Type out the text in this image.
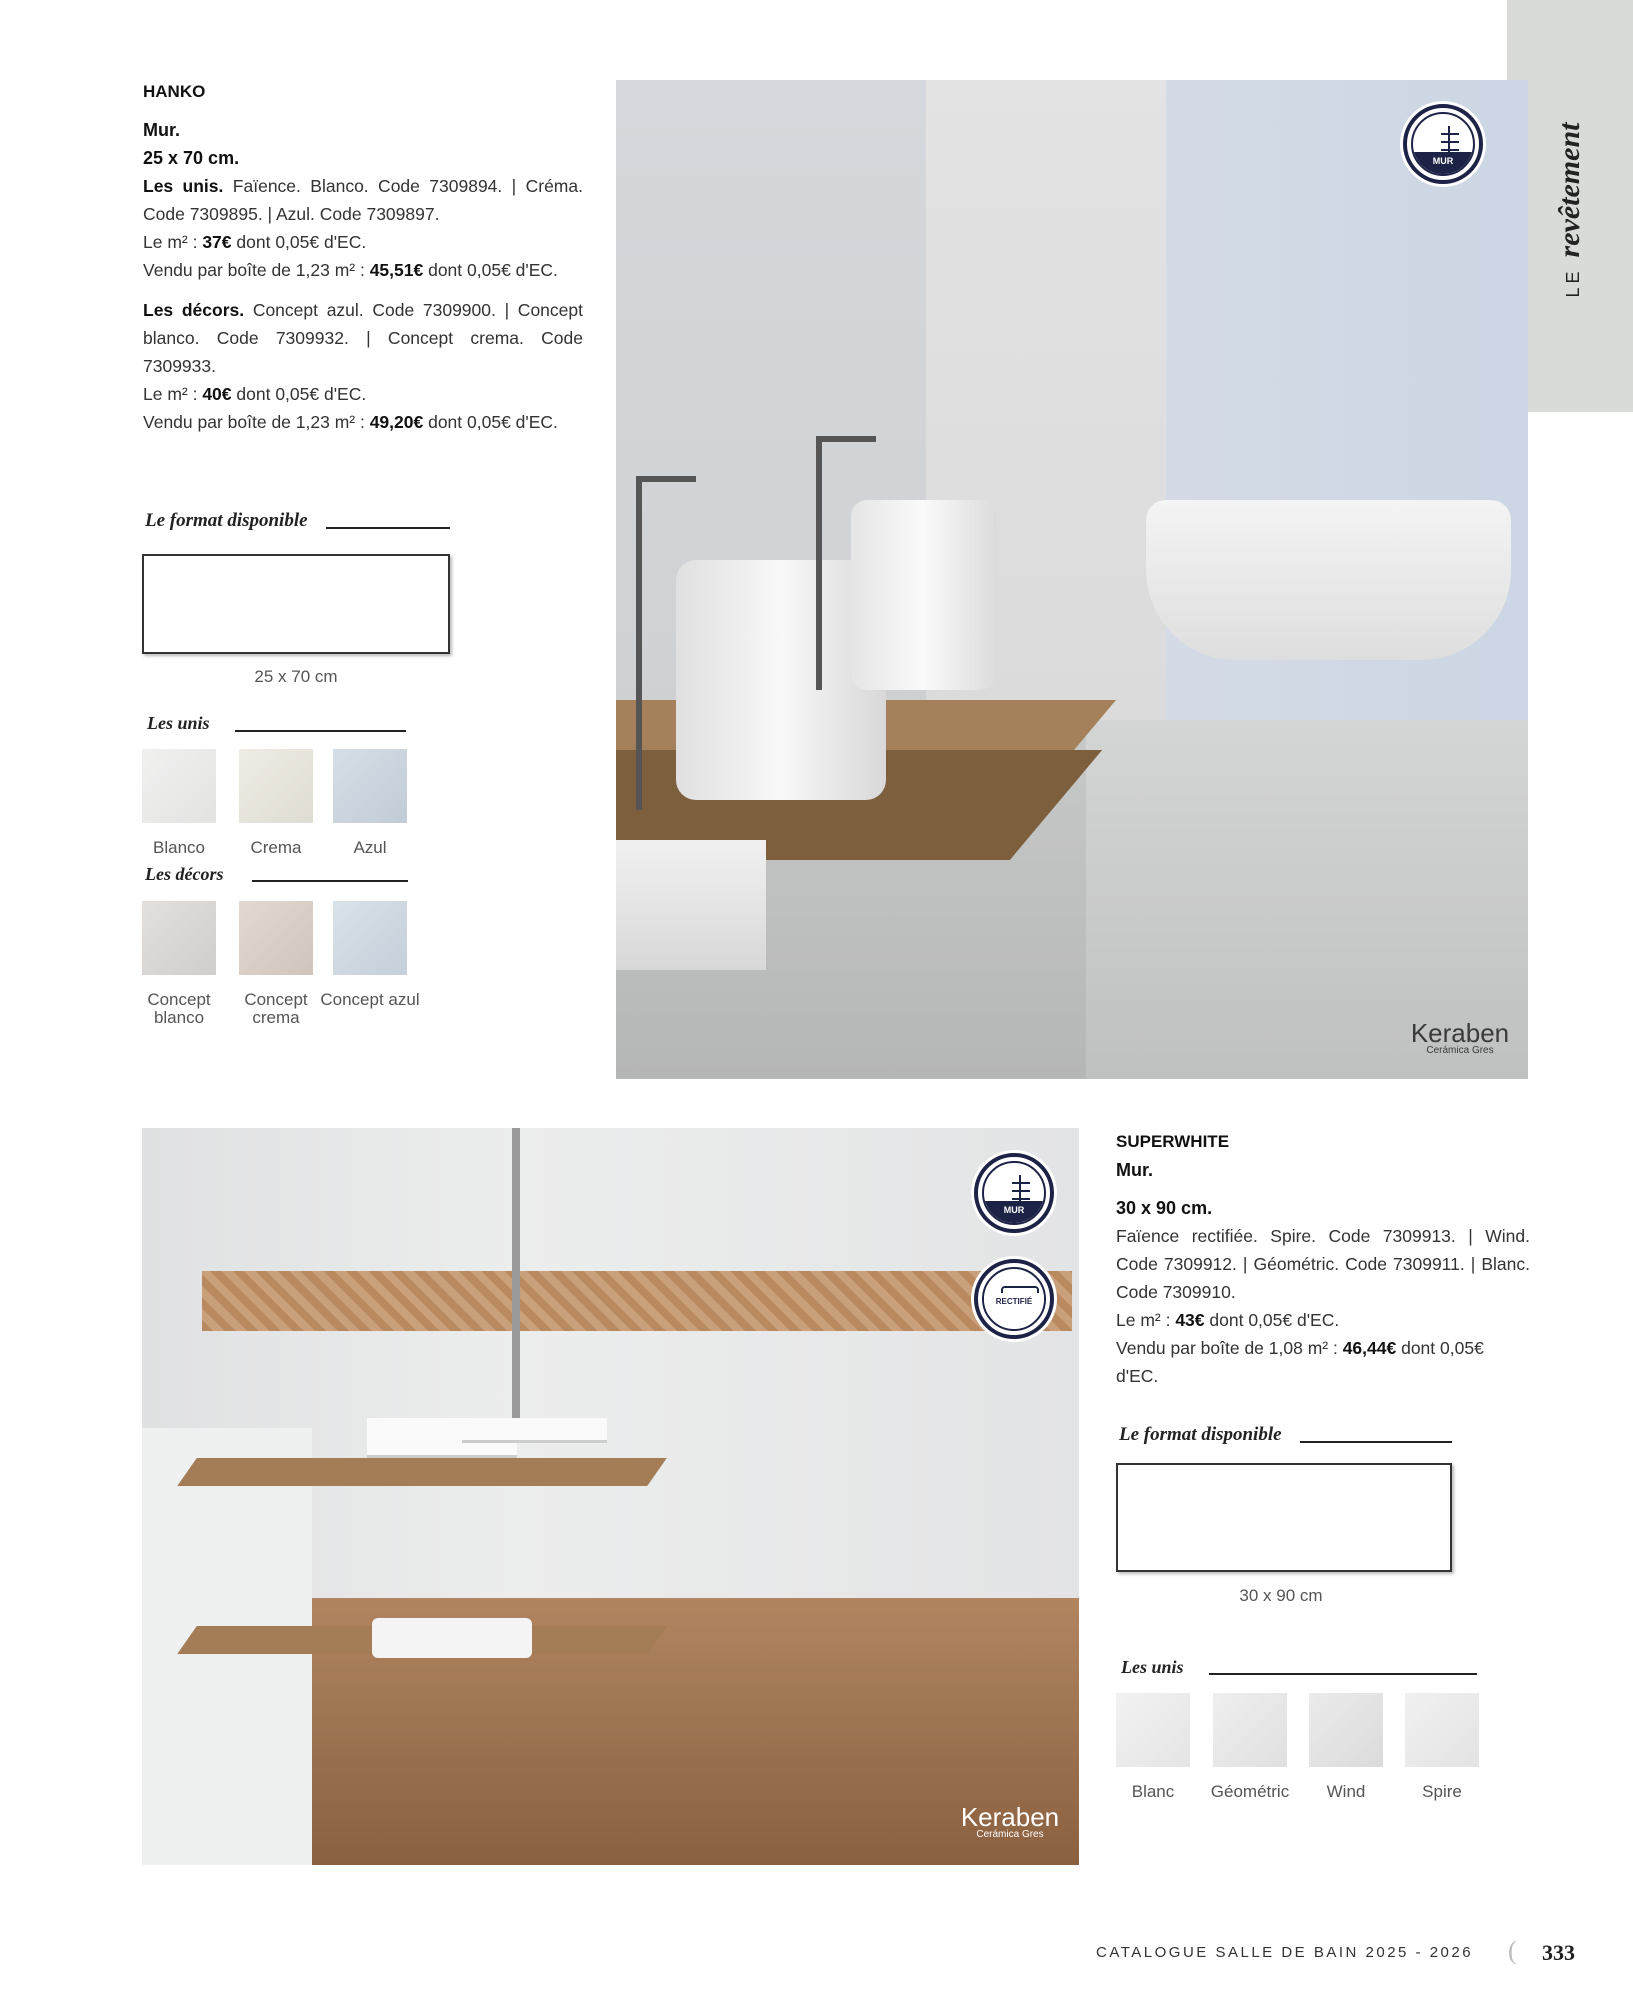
LErevêtement
HANKO
Mur.
25 x 70 cm.
Les unis. Faïence. Blanco. Code 7309894. | Créma. Code 7309895. | Azul. Code 7309897.
Le m² : 37€ dont 0,05€ d'EC.
Vendu par boîte de 1,23 m² : 45,51€ dont 0,05€ d'EC.
Les décors. Concept azul. Code 7309900. | Concept blanco. Code 7309932. | Concept crema. Code 7309933.
Le m² : 40€ dont 0,05€ d'EC.
Vendu par boîte de 1,23 m² : 49,20€ dont 0,05€ d'EC.
Le format disponible
25 x 70 cm
Les unis
Blanco	Crema	Azul
Les décors
Concept blanco
Concept crema
Concept azul
MUR
Keraben
Cerámica Gres
MUR
RECTIFIÉ
Keraben
Cerámica Gres
SUPERWHITE
Mur.
30 x 90 cm.
Faïence rectifiée. Spire. Code 7309913. | Wind. Code 7309912. | Géométric. Code 7309911. | Blanc. Code 7309910.
Le m² : 43€ dont 0,05€ d'EC.
Vendu par boîte de 1,08 m² : 46,44€ dont 0,05€ d'EC.
Le format disponible
30 x 90 cm
Les unis
Blanc	Géométric	Wind	Spire
CATALOGUE SALLE DE BAIN 2025 - 2026 ( 333
